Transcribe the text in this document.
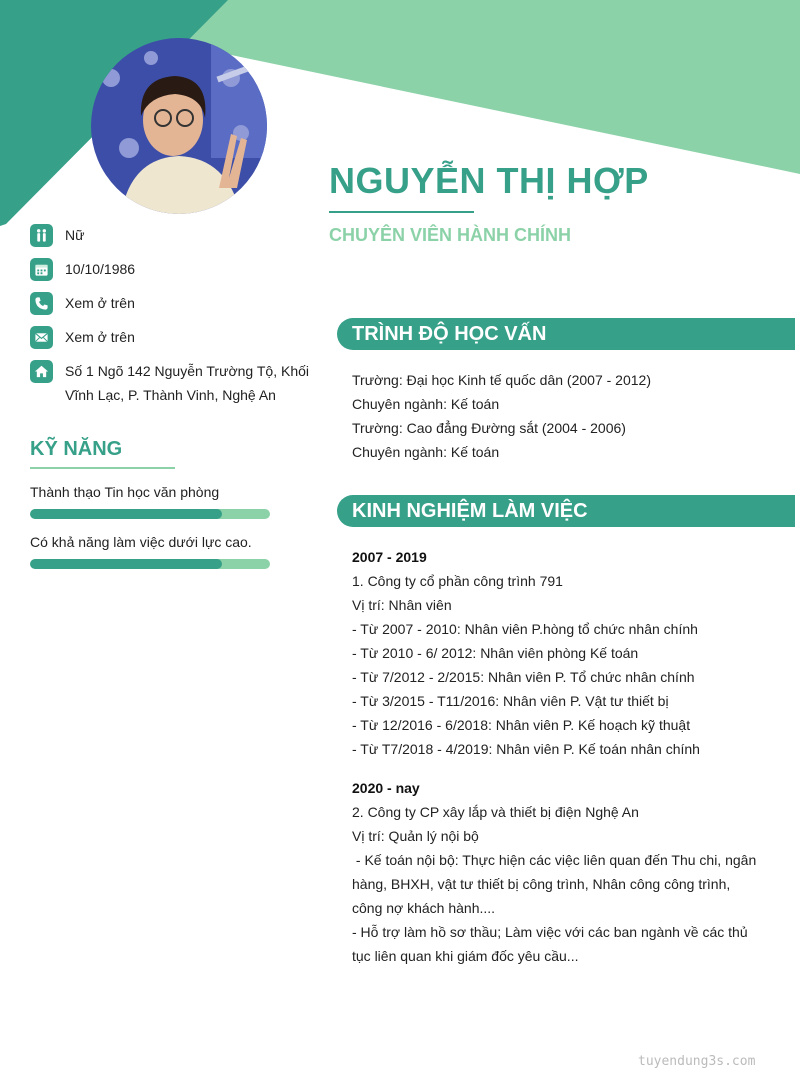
NGUYỄN THỊ HỢP
CHUYÊN VIÊN HÀNH CHÍNH
Nữ
10/10/1986
Xem ở trên
Xem ở trên
Số 1 Ngõ 142 Nguyễn Trường Tộ, Khối Vĩnh Lạc, P. Thành Vinh, Nghệ An
KỸ NĂNG
Thành thạo Tin học văn phòng
Có khả năng làm việc dưới lực cao.
TRÌNH ĐỘ HỌC VẤN
Trường: Đại học Kinh tế quốc dân (2007 - 2012)
Chuyên ngành: Kế toán
Trường: Cao đẳng Đường sắt (2004 - 2006)
Chuyên ngành: Kế toán
KINH NGHIỆM LÀM VIỆC
2007 - 2019
1. Công ty cổ phần công trình 791
Vị trí: Nhân viên
- Từ 2007 - 2010: Nhân viên P.hòng tổ chức nhân chính
- Từ 2010 - 6/ 2012: Nhân viên phòng Kế toán
- Từ 7/2012 - 2/2015: Nhân viên P. Tổ chức nhân chính
- Từ 3/2015 - T11/2016: Nhân viên P. Vật tư thiết bị
- Từ 12/2016 - 6/2018: Nhân viên P. Kế hoạch kỹ thuật
- Từ T7/2018 - 4/2019: Nhân viên P. Kế toán nhân chính
2020 - nay
2. Công ty CP xây lắp và thiết bị điện Nghệ An
Vị trí: Quản lý nội bộ
- Kế toán nội bộ: Thực hiện các việc liên quan đến Thu chi, ngân hàng, BHXH, vật tư thiết bị công trình, Nhân công công trình, công nợ khách hành....
- Hỗ trợ làm hồ sơ thầu; Làm việc với các ban ngành về các thủ tục liên quan khi giám đốc yêu cầu...
tuyendung3s.com
